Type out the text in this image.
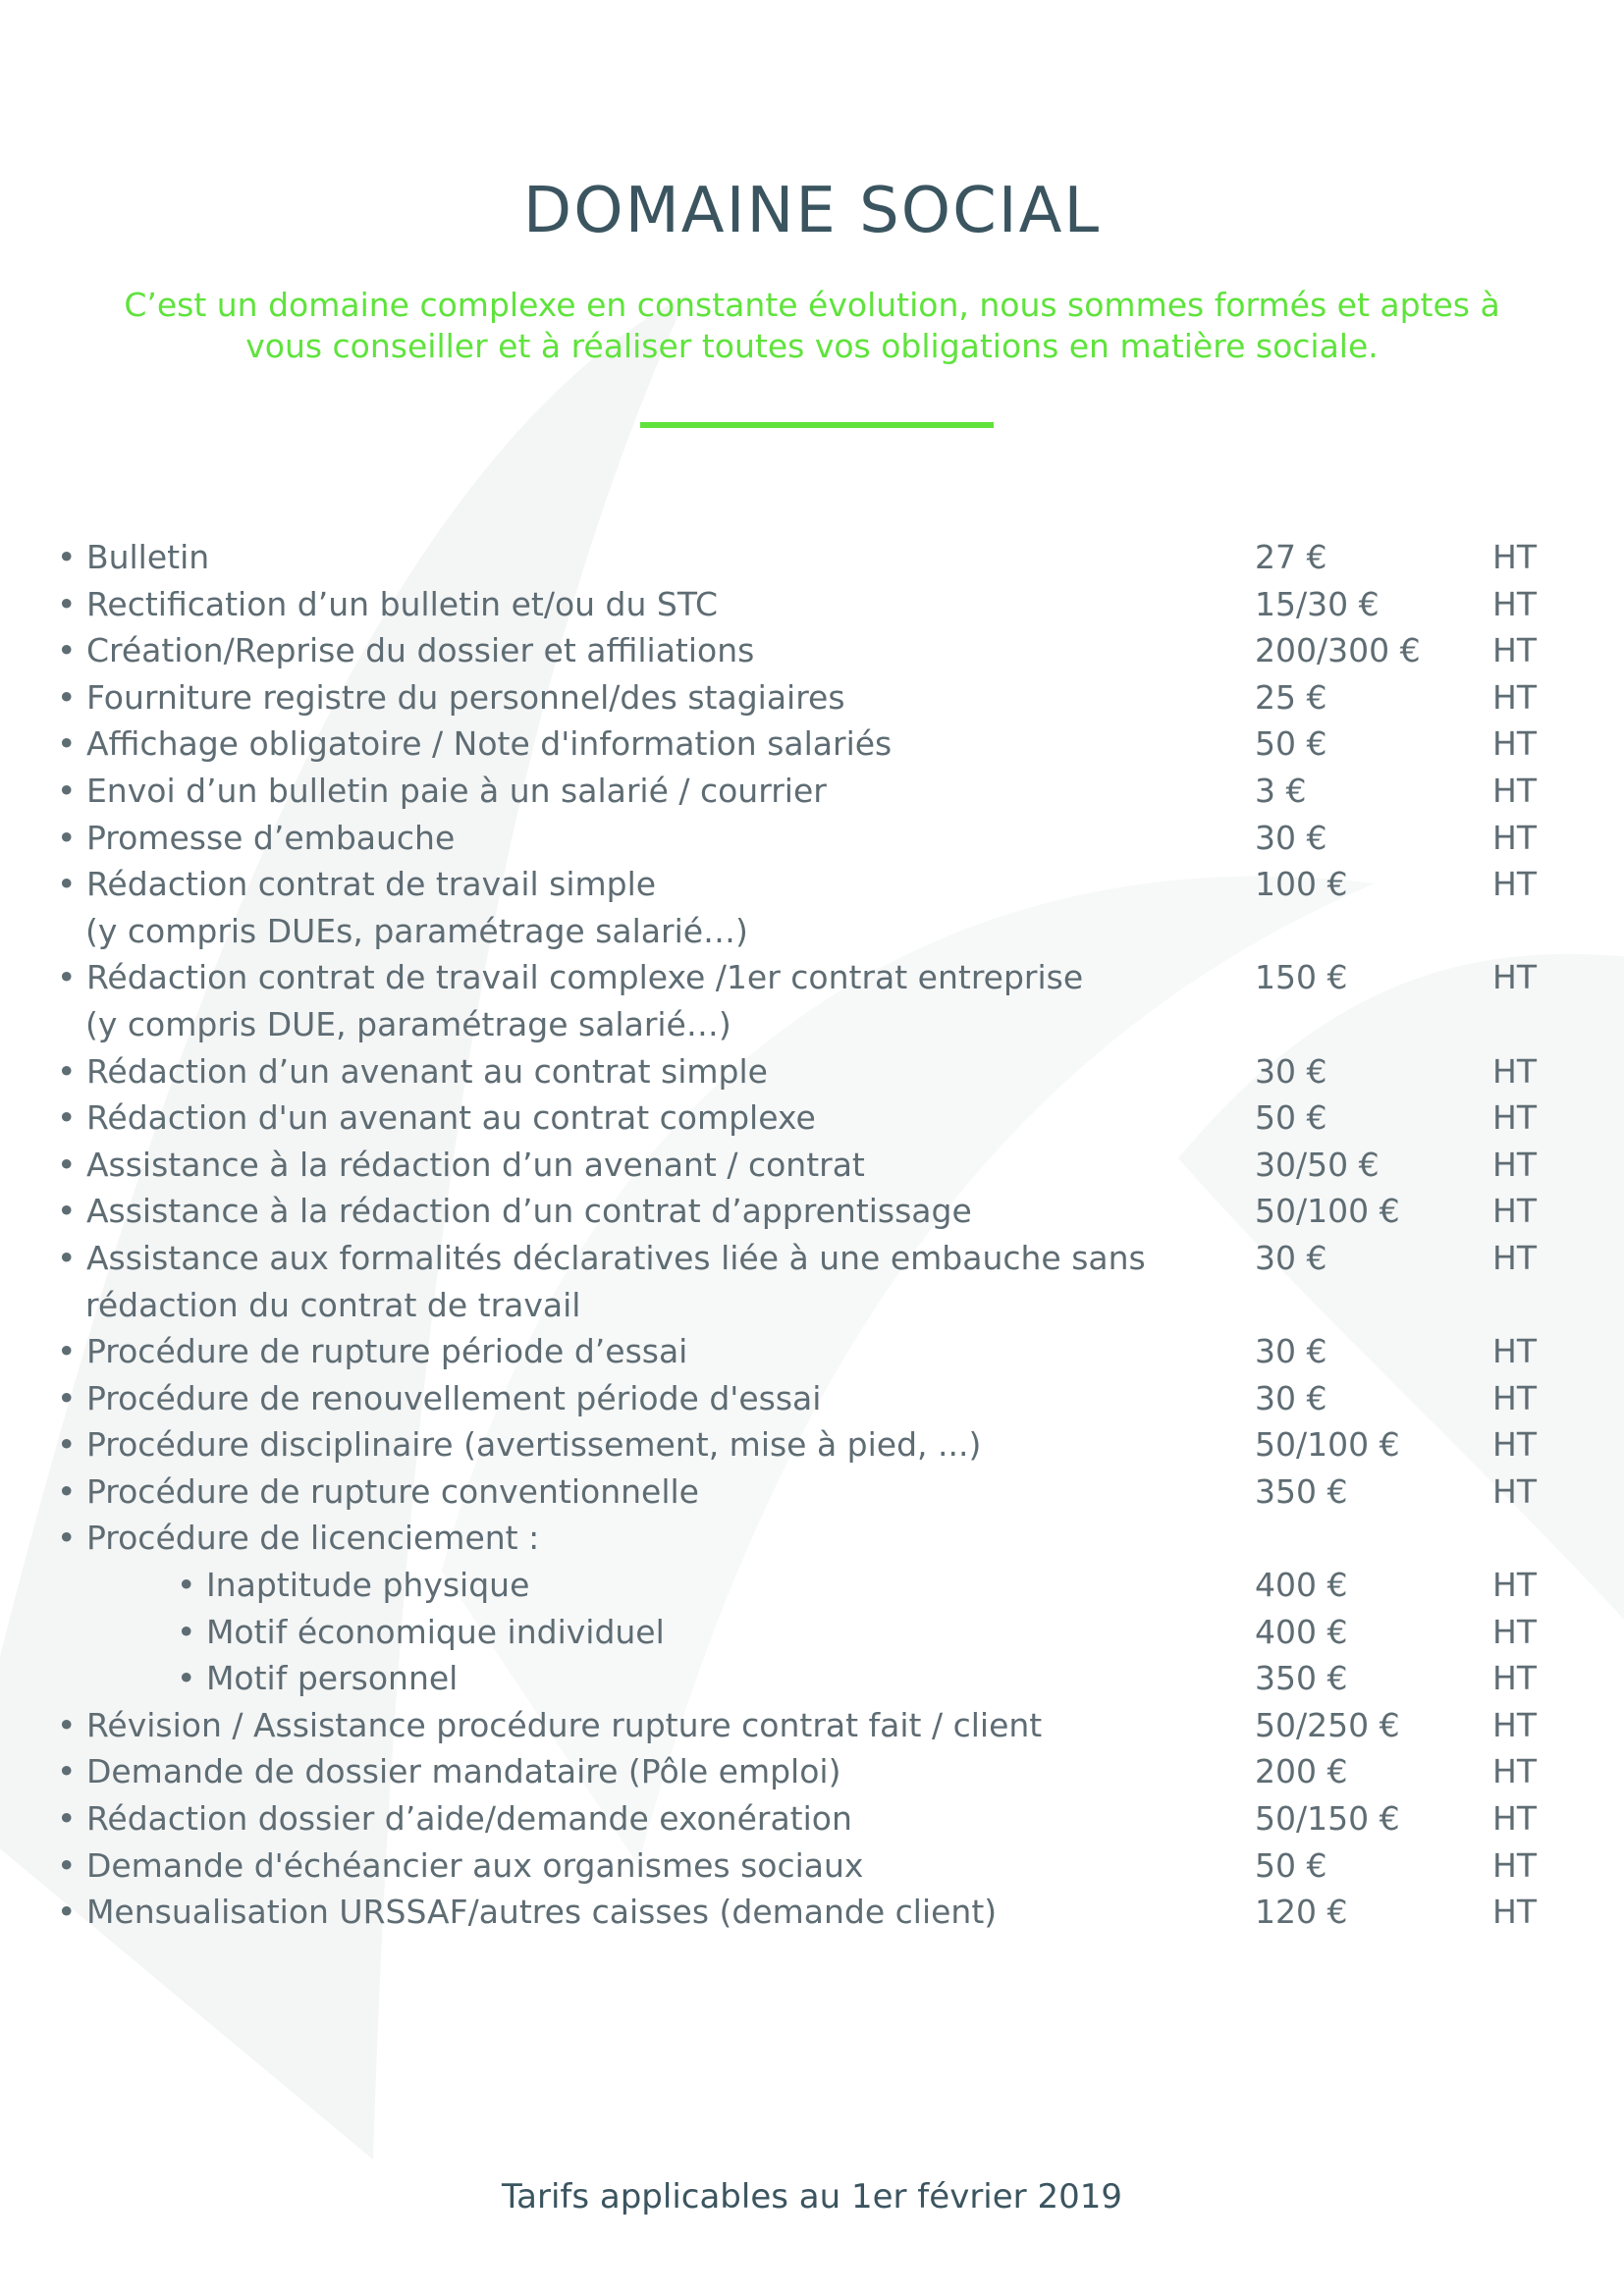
DOMAINE SOCIAL
C’est un domaine complexe en constante évolution, nous sommes formés et aptes à vous conseiller et à réaliser toutes vos obligations en matière sociale.
• Bulletin	27 €	HT
• Rectification d’un bulletin et/ou du STC	15/30 €	HT
• Création/Reprise du dossier et affiliations	200/300 € HT
• Fourniture registre du personnel/des stagiaires	25 €	HT
• Affichage obligatoire / Note d'information salariés	50 €	HT
• Envoi d’un bulletin paie à un salarié / courrier	3 €	HT
• Promesse d’embauche	30 €	HT
• Rédaction contrat de travail simple	100 €	HT
(y compris DUEs, paramétrage salarié…)
• Rédaction contrat de travail complexe /1er contrat entreprise	150 €	HT
(y compris DUE, paramétrage salarié…)
• Rédaction d’un avenant au contrat simple	30 €	HT
• Rédaction d'un avenant au contrat complexe	50 €	HT
• Assistance à la rédaction d’un avenant / contrat	30/50 €	HT
• Assistance à la rédaction d’un contrat d’apprentissage	50/100 €	HT
• Assistance aux formalités déclaratives liée à une embauche sans	30 €	HT
rédaction du contrat de travail
• Procédure de rupture période d’essai	30 €	HT
• Procédure de renouvellement période d'essai	30 €	HT
• Procédure disciplinaire (avertissement, mise à pied, ...)	50/100 €	HT
• Procédure de rupture conventionnelle	350 €	HT
• Procédure de licenciement :
• Inaptitude physique	400 €	HT
• Motif économique individuel	400 €	HT
• Motif personnel	350 €	HT
• Révision / Assistance procédure rupture contrat fait / client	50/250 €	HT
• Demande de dossier mandataire (Pôle emploi)	200 €	HT
• Rédaction dossier d’aide/demande exonération	50/150 €	HT
• Demande d'échéancier aux organismes sociaux	50 €	HT
• Mensualisation URSSAF/autres caisses (demande client)	120 €	HT
Tarifs applicables au 1er février 2019
